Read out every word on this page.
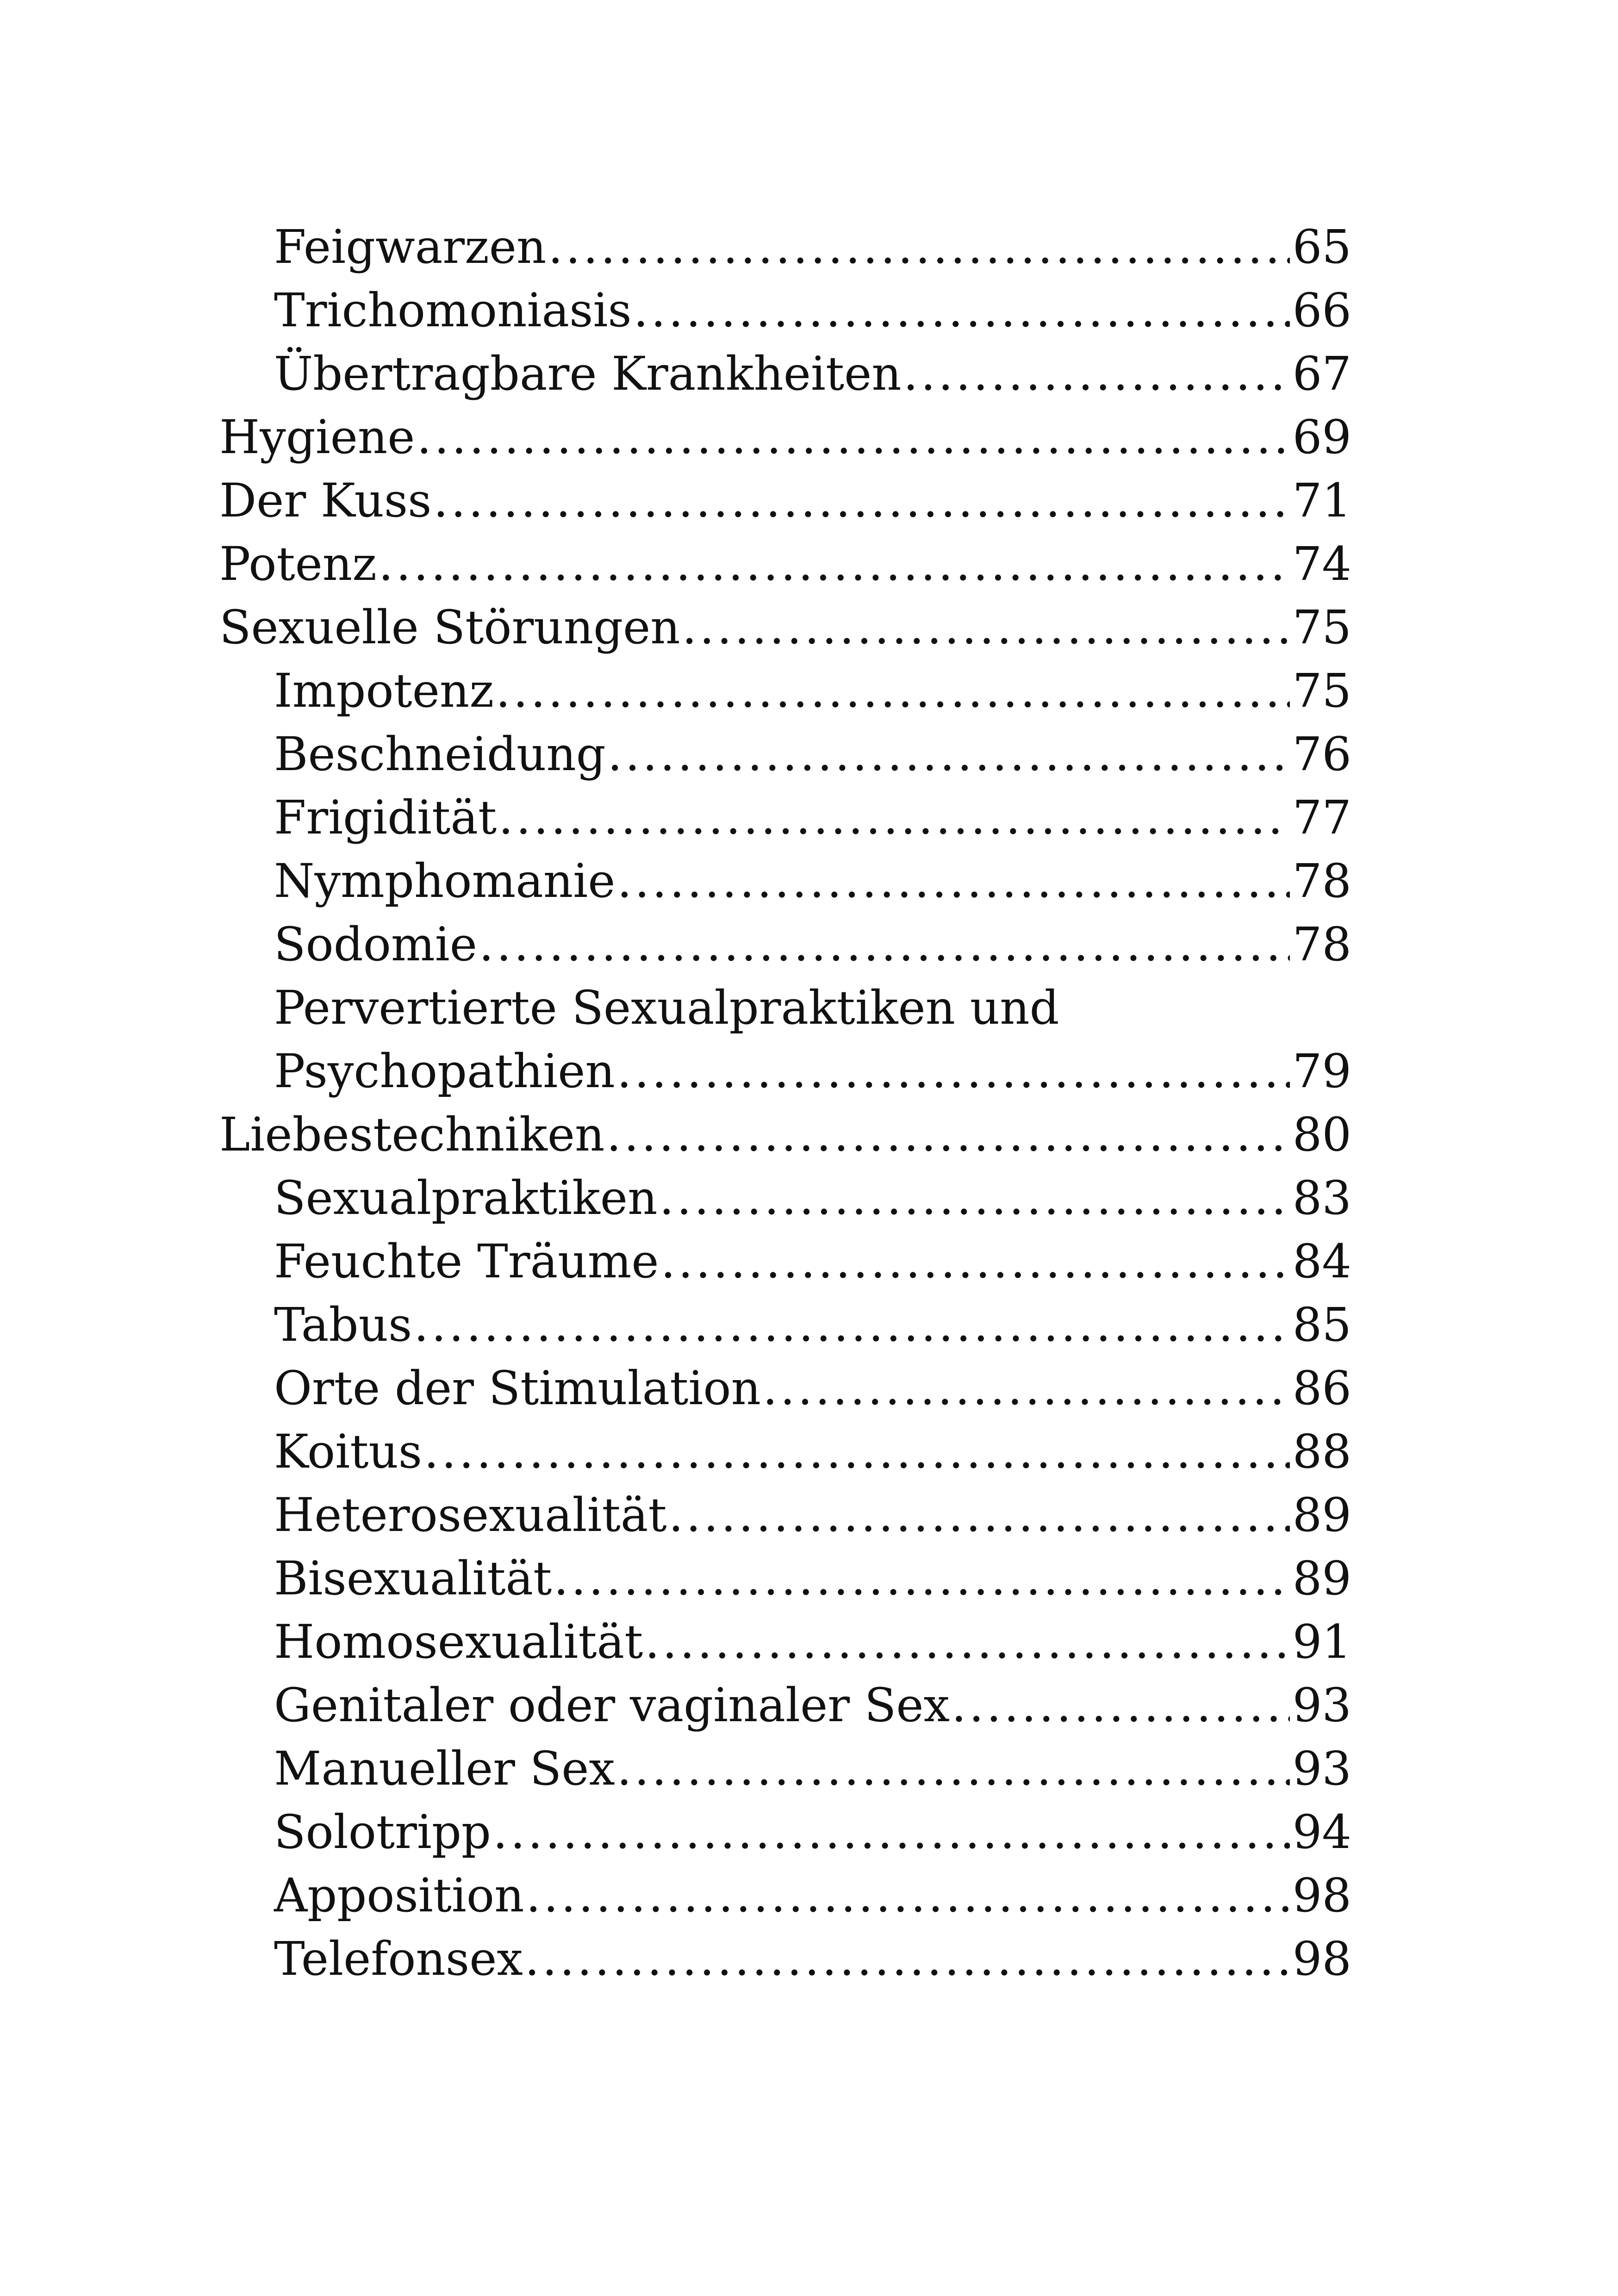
Feigwarzen .....	65
Trichomoniasis .....	66
Übertragbare Krankheiten .....	67
Hygiene .....	69
Der Kuss .....	71
Potenz .....	74
Sexuelle Störungen .....	75
Impotenz .....	75
Beschneidung .....	76
Frigidität .....	77
Nymphomanie .....	78
Sodomie .....	78
Pervertierte Sexualpraktiken und
Psychopathien .....	79
Liebestechniken .....	80
Sexualpraktiken .....	83
Feuchte Träume .....	84
Tabus .....	85
Orte der Stimulation .....	86
Koitus .....	88
Heterosexualität .....	89
Bisexualität .....	89
Homosexualität .....	91
Genitaler oder vaginaler Sex .....	93
Manueller Sex .....	93
Solotripp .....	94
Apposition .....	98
Telefonsex .....	98
